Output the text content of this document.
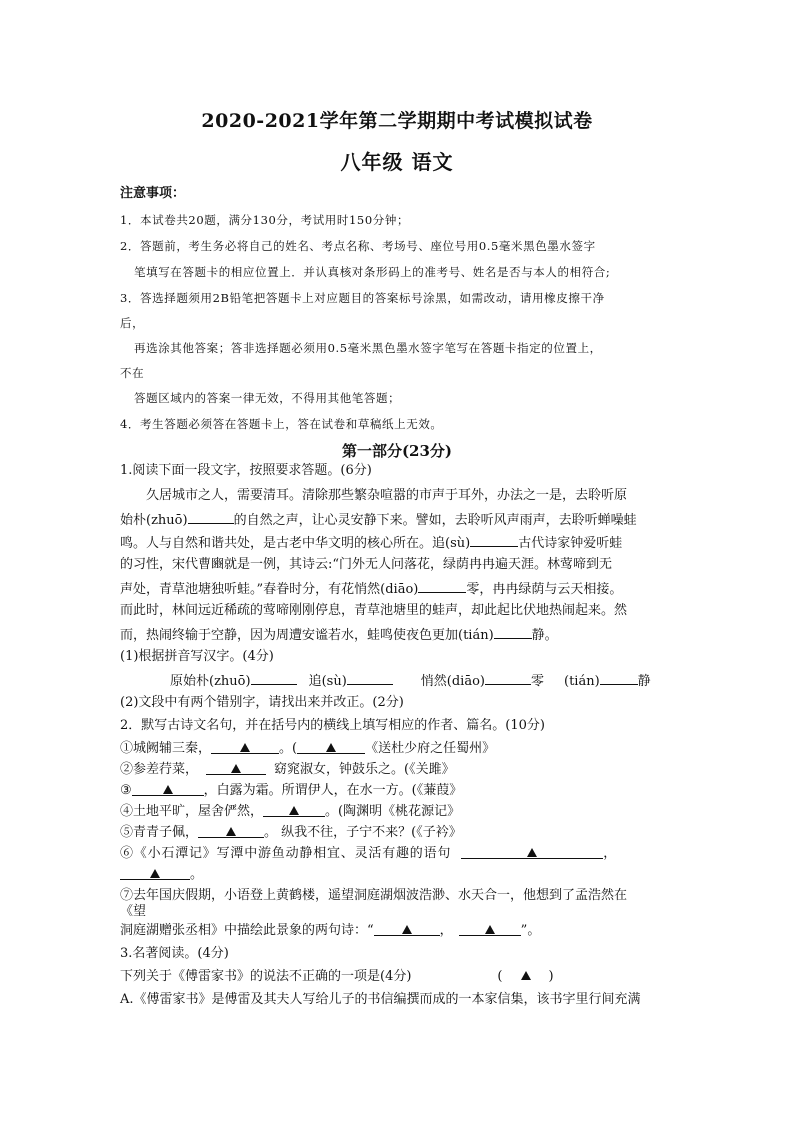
2020-2021学年第二学期期中考试模拟试卷
八年级 语文
注意事项：
1．本试卷共20题，满分130分，考试用时150分钟；
2．答题前，考生务必将自己的姓名、考点名称、考场号、座位号用0.5毫米黑色墨水签字
笔填写在答题卡的相应位置上．并认真核对条形码上的准考号、姓名是否与本人的相符合;
3．答选择题须用2B铅笔把答题卡上对应题目的答案标号涂黑，如需改动，请用橡皮擦干净
后，
再选涂其他答案；答非选择题必须用0.5毫米黑色墨水签字笔写在答题卡指定的位置上，
不在
答题区域内的答案一律无效，不得用其他笔答题；
4．考生答题必须答在答题卡上，答在试卷和草稿纸上无效。
第一部分(23分)
1.阅读下面一段文字，按照要求答题。(6分)
久居城市之人，需要清耳。清除那些繁杂喧嚣的市声于耳外，办法之一是，去聆听原
始朴(zhuō)	的自然之声，让心灵安静下来。譬如，去聆听风声雨声，去聆听蝉噪蛙
鸣。人与自然和谐共处，是古老中华文明的核心所在。追(sù)	古代诗家钟爱听蛙
的习性，宋代曹豳就是一例，其诗云:“门外无人问落花，绿荫冉冉遍天涯。林莺啼到无
声处，青草池塘独听蛙。”春眷时分，有花悄然(diāo)	零，冉冉绿荫与云天相接。
而此时，林间远近稀疏的莺啼刚刚停息，青草池塘里的蛙声，却此起比伏地热闹起来。然
而，热闹终输于空静，因为周遭安谧若水，蛙鸣使夜色更加(tián)	静。
(1)根据拼音写汉字。(4分)
原始朴(zhuō)	追(sù)	悄然(diāo)	零 (tián)	静
(2)文段中有两个错别字，请找出来并改正。(2分)
2．默写古诗文名句，并在括号内的横线上填写相应的作者、篇名。(10分)
①城阙辅三秦，	。(	《送杜少府之任蜀州》
②参差荇菜，	窈窕淑女，钟鼓乐之。(《关雎》
③	，白露为霜。所谓伊人，在水一方。(《蒹葭》
④土地平旷，屋舍俨然，	。(陶渊明《桃花源记》
⑤青青子佩，	。 纵我不往，子宁不来？(《子衿》
⑥《小石潭记》写潭中游鱼动静相宜、灵活有趣的语句	，
。
⑦去年国庆假期，小语登上黄鹤楼，遥望洞庭湖烟波浩渺、水天合一，他想到了孟浩然在
《望
洞庭湖赠张丞相》中描绘此景象的两句诗：“	，	”。
3.名著阅读。(4分)
下列关于《傅雷家书》的说法不正确的一项是(4分)	(	)
A.《傅雷家书》是傅雷及其夫人写给儿子的书信编撰而成的一本家信集，该书字里行间充满
